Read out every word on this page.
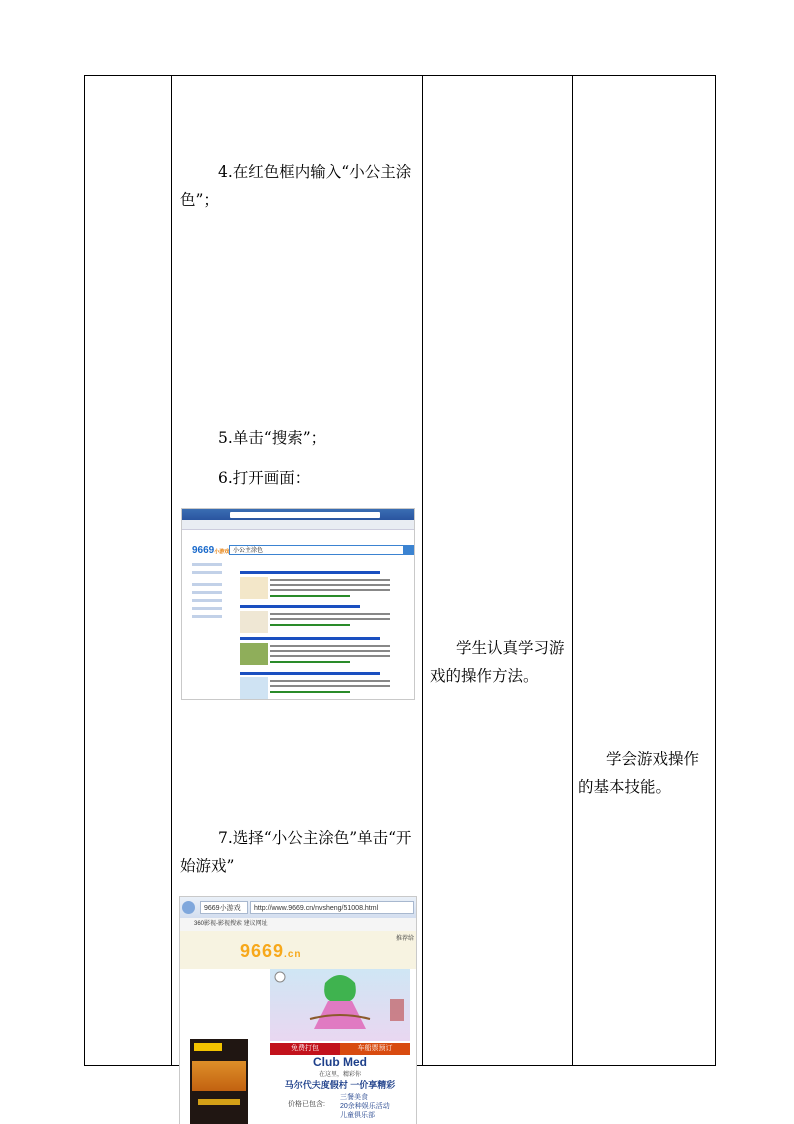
4.在红色框内输入“小公主涂色”；
5.单击“搜索”；
6.打开画面：
9669小游戏 小公主涂色
7.选择“小公主涂色”单击“开始游戏”
9669小游戏	http://www.9669.cn/nvsheng/51008.html
360影视-影视搜索 建议网址
9669.cn
推荐给
免费打包	车船票预订
Club Med
在这里，精彩你
马尔代夫度假村 一价享精彩
价格已包含:
三餐美食
20余种娱乐活动
儿童俱乐部
学生认真学习游戏的操作方法。
学会游戏操作的基本技能。
